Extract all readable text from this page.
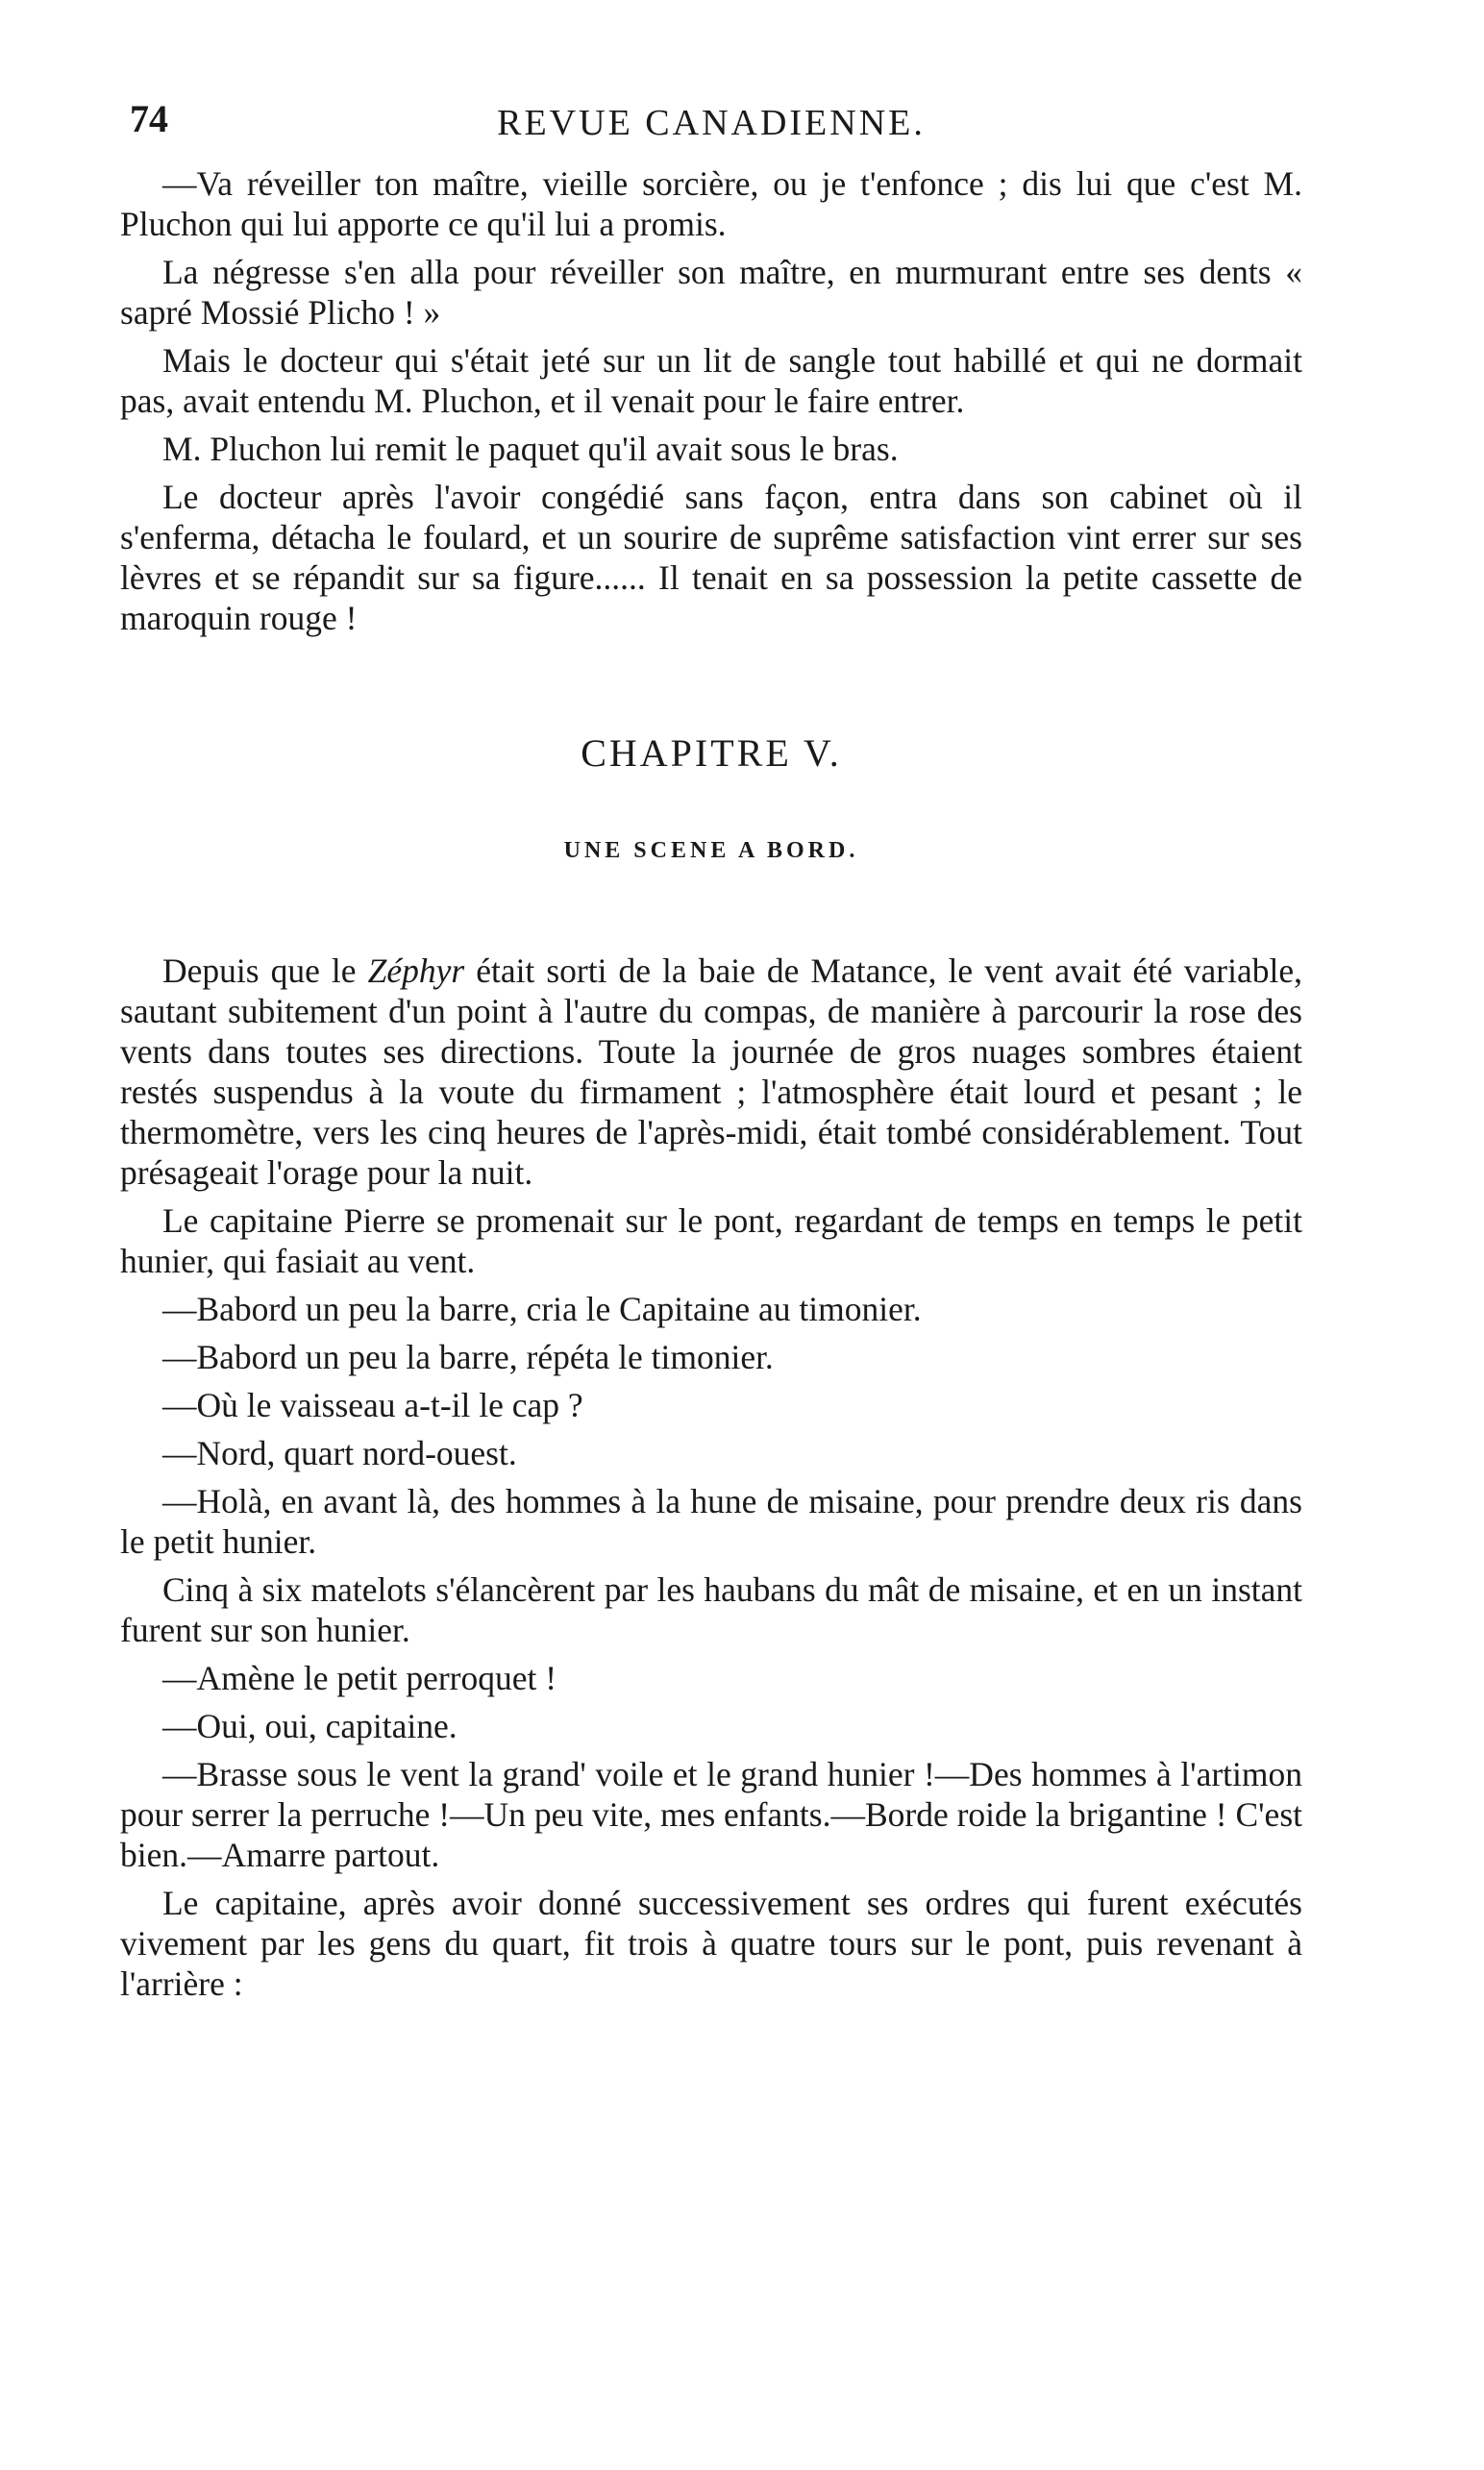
74	REVUE CANADIENNE.

—Va réveiller ton maître, vieille sorcière, ou je t'enfonce ; dis lui que c'est M. Pluchon qui lui apporte ce qu'il lui a promis.

La négresse s'en alla pour réveiller son maître, en murmurant entre ses dents « sapré Mossié Plicho ! »

Mais le docteur qui s'était jeté sur un lit de sangle tout habillé et qui ne dormait pas, avait entendu M. Pluchon, et il venait pour le faire entrer.

M. Pluchon lui remit le paquet qu'il avait sous le bras.

Le docteur après l'avoir congédié sans façon, entra dans son cabinet où il s'enferma, détacha le foulard, et un sourire de suprême satisfaction vint errer sur ses lèvres et se répandit sur sa figure...... Il tenait en sa possession la petite cassette de maroquin rouge !

CHAPITRE V.
UNE SCENE A BORD.

Depuis que le Zéphyr était sorti de la baie de Matance, le vent avait été variable, sautant subitement d'un point à l'autre du compas, de manière à parcourir la rose des vents dans toutes ses directions. Toute la journée de gros nuages sombres étaient restés suspendus à la voute du firmament ; l'atmosphère était lourd et pesant ; le thermomètre, vers les cinq heures de l'après-midi, était tombé considérablement. Tout présageait l'orage pour la nuit.

Le capitaine Pierre se promenait sur le pont, regardant de temps en temps le petit hunier, qui fasiait au vent.

—Babord un peu la barre, cria le Capitaine au timonier.

—Babord un peu la barre, répéta le timonier.

—Où le vaisseau a-t-il le cap ?

—Nord, quart nord-ouest.

—Holà, en avant là, des hommes à la hune de misaine, pour prendre deux ris dans le petit hunier.

Cinq à six matelots s'élancèrent par les haubans du mât de misaine, et en un instant furent sur son hunier.

—Amène le petit perroquet !

—Oui, oui, capitaine.

—Brasse sous le vent la grand' voile et le grand hunier !—Des hommes à l'artimon pour serrer la perruche !—Un peu vite, mes enfants.—Borde roide la brigantine ! C'est bien.—Amarre partout.

Le capitaine, après avoir donné successivement ses ordres qui furent exécutés vivement par les gens du quart, fit trois à quatre tours sur le pont, puis revenant à l'arrière :
